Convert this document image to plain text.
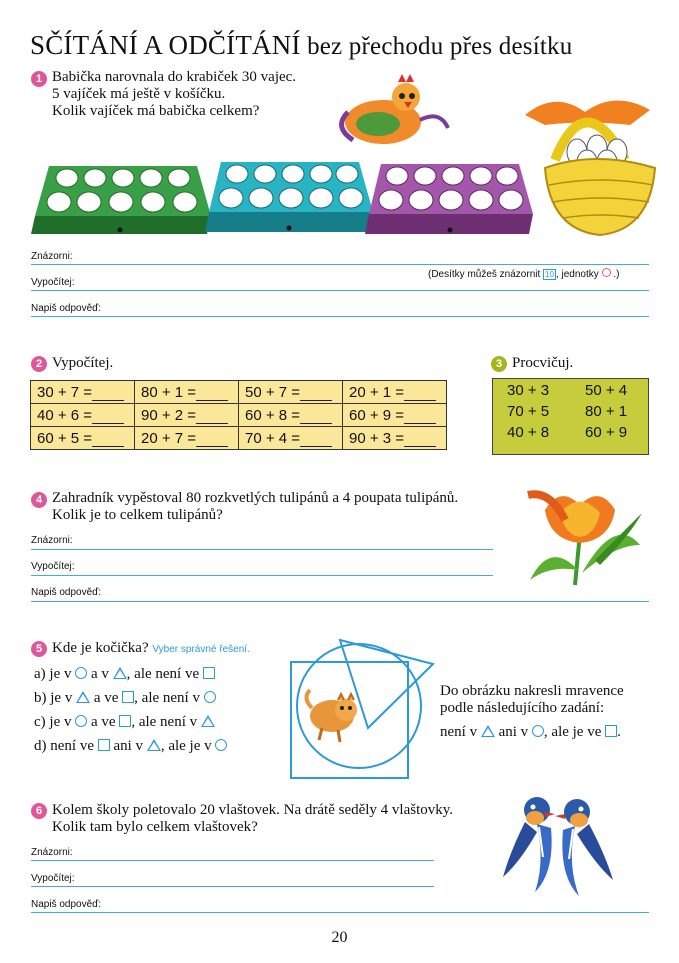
SČÍTÁNÍ A ODČÍTÁNÍ bez přechodu přes desítku
1 Babička narovnala do krabiček 30 vajec.
5 vajíček má ještě v košíčku.
Kolik vajíček má babička celkem?
Znázorni:
Vypočítej:
(Desítky můžeš znázornit 10 , jednotky .)
Napiš odpověď:
2 Vypočítej.
30 + 7 =	80 + 1 =	50 + 7 =	20 + 1 =
40 + 6 =	90 + 2 =	60 + 8 =	60 + 9 =
60 + 5 =	20 + 7 =	70 + 4 =	90 + 3 =
3 Procvičuj.
30 + 3	50 + 4
70 + 5	80 + 1
40 + 8	60 + 9
4 Zahradník vypěstoval 80 rozkvetlých tulipánů a 4 poupata tulipánů.
Kolik je to celkem tulipánů?
Znázorni:
Vypočítej:
Napiš odpověď:
5 Kde je kočička? Vyber správné řešení.
a) je v a v , ale není ve
b) je v a ve , ale není v
c) je v a ve , ale není v
d) není ve ani v , ale je v
Do obrázku nakresli mravence
podle následujícího zadání:
není v ani v , ale je ve .
6 Kolem školy poletovalo 20 vlaštovek. Na drátě seděly 4 vlaštovky.
Kolik tam bylo celkem vlaštovek?
Znázorni:
Vypočítej:
Napiš odpověď:
20
